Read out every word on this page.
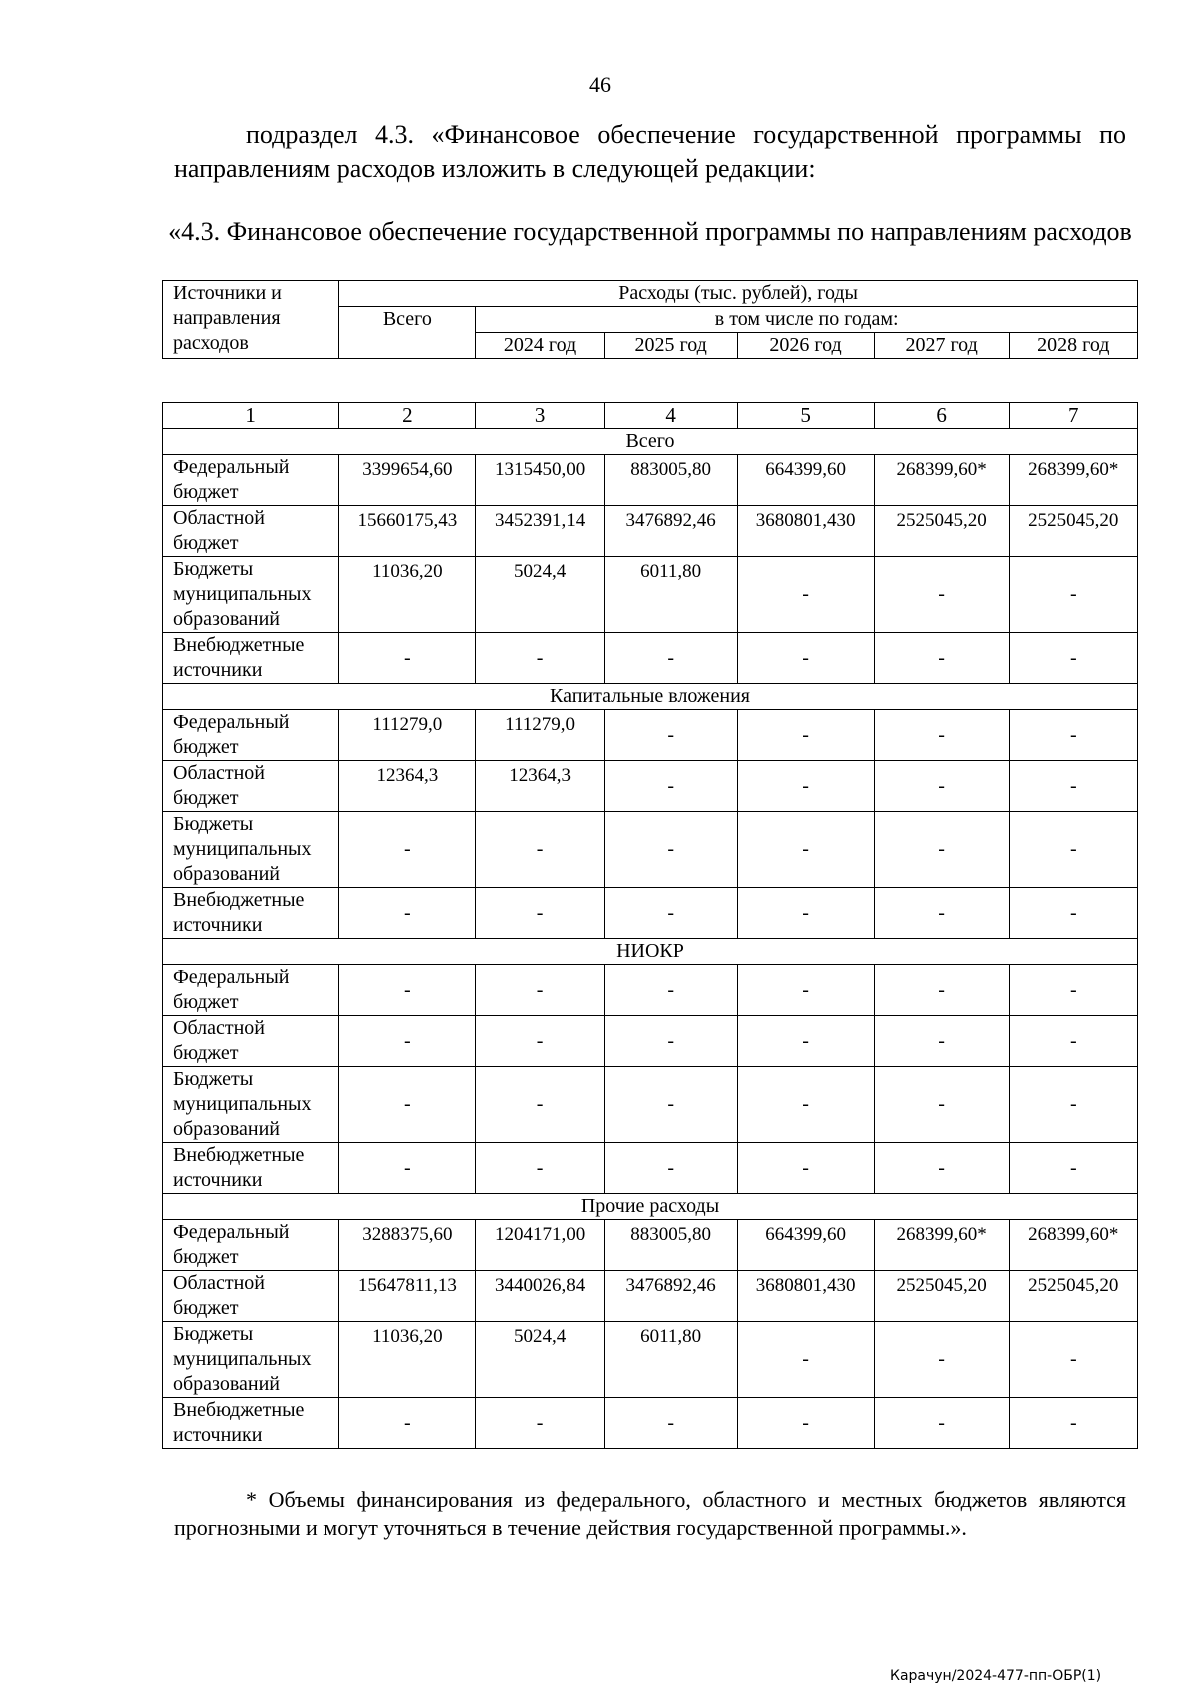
46
подраздел 4.3. «Финансовое обеспечение государственной программы по направлениям расходов изложить в следующей редакции:
«4.3. Финансовое обеспечение государственной программы по направлениям расходов
Источники и направления расходов	Расходы (тыс. рублей), годы					
	Всего	в том числе по годам:				
		2024 год	2025 год	2026 год	2027 год	2028 год
1	2	3	4	5	6	7
Всего						
Федеральный бюджет	3399654,60	1315450,00	883005,80	664399,60	268399,60*	268399,60*
Областной бюджет	15660175,43	3452391,14	3476892,46	3680801,430	2525045,20	2525045,20
Бюджеты муниципальных образований	11036,20	5024,4	6011,80	-	-	-
Внебюджетные источники	-	-	-	-	-	-
Капитальные вложения						
Федеральный бюджет	111279,0	111279,0	-	-	-	-
Областной бюджет	12364,3	12364,3	-	-	-	-
Бюджеты муниципальных образований	-	-	-	-	-	-
Внебюджетные источники	-	-	-	-	-	-
НИОКР						
Федеральный бюджет	-	-	-	-	-	-
Областной бюджет	-	-	-	-	-	-
Бюджеты муниципальных образований	-	-	-	-	-	-
Внебюджетные источники	-	-	-	-	-	-
Прочие расходы						
Федеральный бюджет	3288375,60	1204171,00	883005,80	664399,60	268399,60*	268399,60*
Областной бюджет	15647811,13	3440026,84	3476892,46	3680801,430	2525045,20	2525045,20
Бюджеты муниципальных образований	11036,20	5024,4	6011,80	-	-	-
Внебюджетные источники	-	-	-	-	-	-
* Объемы финансирования из федерального, областного и местных бюджетов являются прогнозными и могут уточняться в течение действия государственной программы.».
Карачун/2024-477-пп-ОБР(1)
